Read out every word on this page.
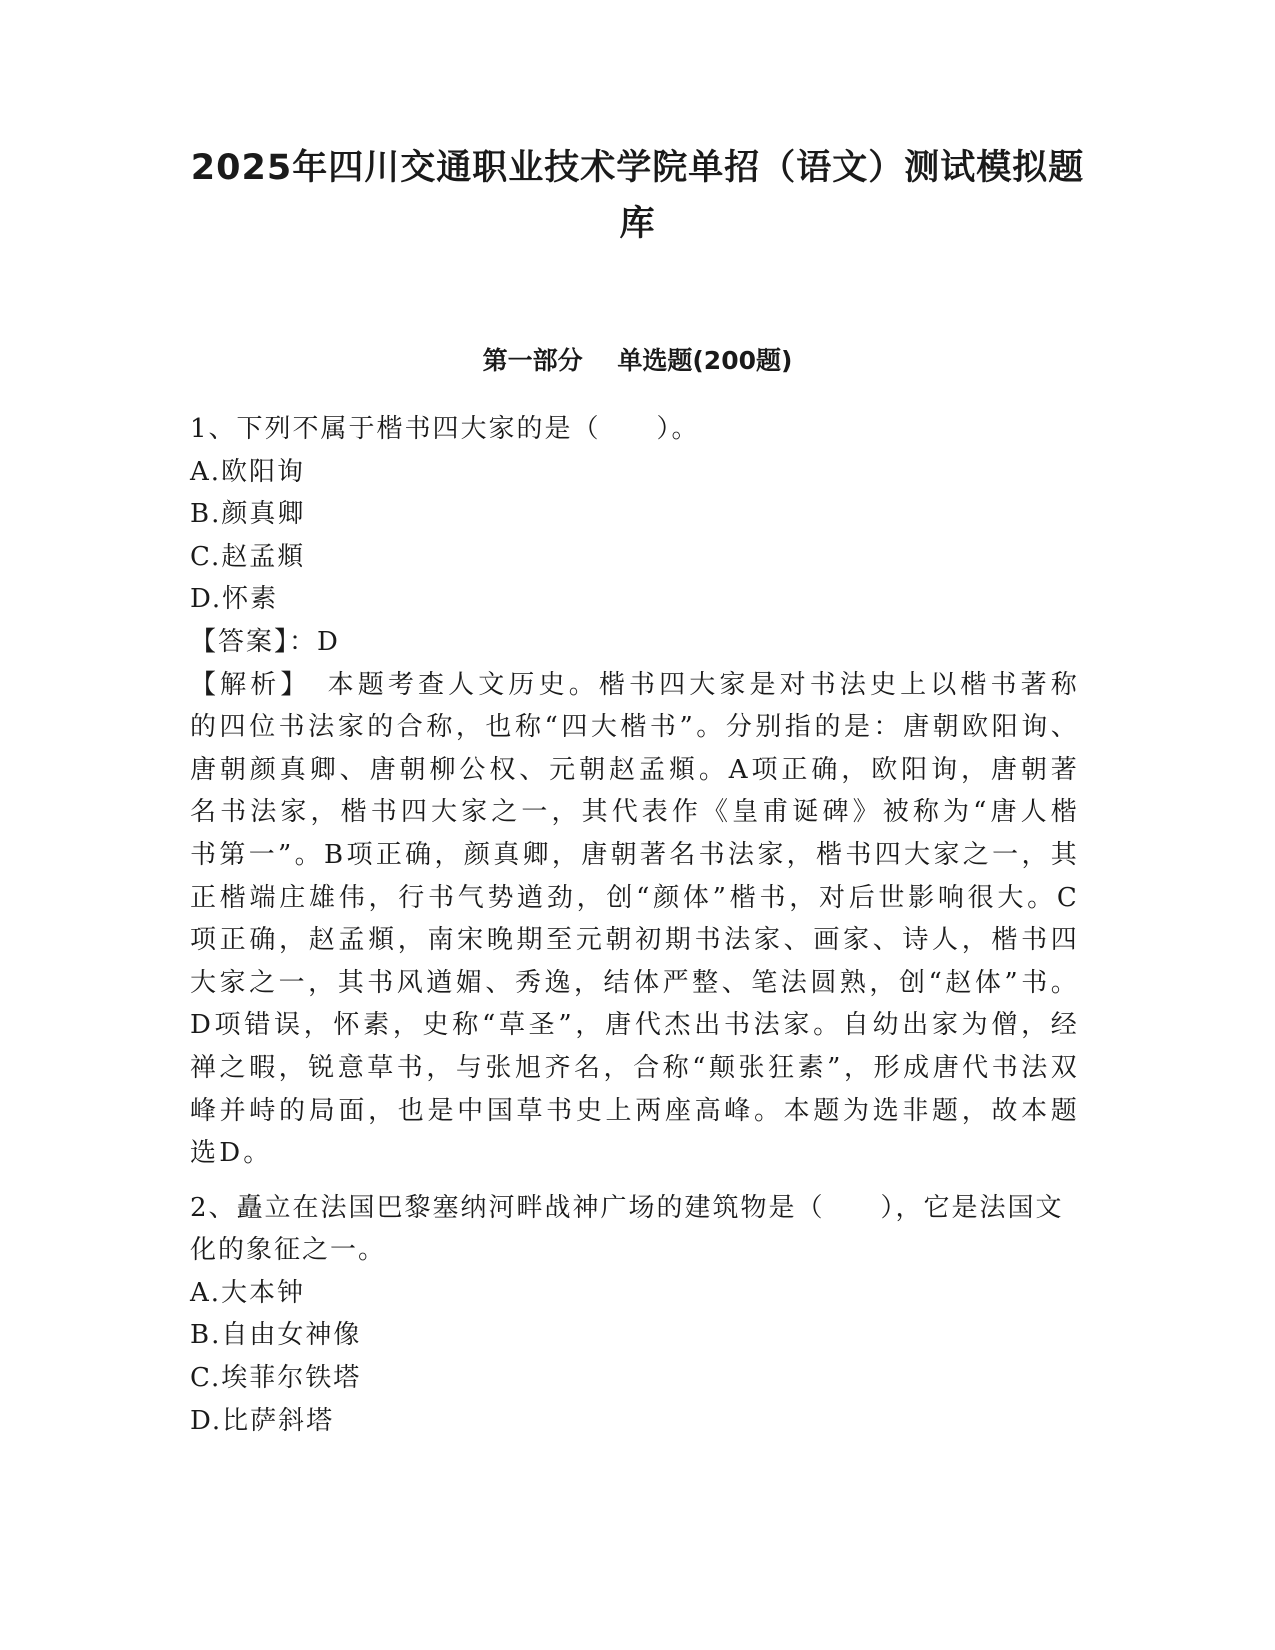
2025年四川交通职业技术学院单招（语文）测试模拟题库
第一部分    单选题(200题)

1、下列不属于楷书四大家的是（　　）。

A.欧阳询

B.颜真卿

C.赵孟頫

D.怀素

【答案】：D

【解析】　本题考查人文历史。楷书四大家是对书法史上以楷书著称的四位书法家的合称，也称“四大楷书”。分别指的是：唐朝欧阳询、唐朝颜真卿、唐朝柳公权、元朝赵孟頫。A项正确，欧阳询，唐朝著名书法家，楷书四大家之一，其代表作《皇甫诞碑》被称为“唐人楷书第一”。B项正确，颜真卿，唐朝著名书法家，楷书四大家之一，其正楷端庄雄伟，行书气势遒劲，创“颜体”楷书，对后世影响很大。C项正确，赵孟頫，南宋晚期至元朝初期书法家、画家、诗人，楷书四大家之一，其书风遒媚、秀逸，结体严整、笔法圆熟，创“赵体”书。D项错误，怀素，史称“草圣”，唐代杰出书法家。自幼出家为僧，经禅之暇，锐意草书，与张旭齐名，合称“颠张狂素”，形成唐代书法双峰并峙的局面，也是中国草书史上两座高峰。本题为选非题，故本题选D。

2、矗立在法国巴黎塞纳河畔战神广场的建筑物是（　　），它是法国文化的象征之一。

A.大本钟

B.自由女神像

C.埃菲尔铁塔

D.比萨斜塔
